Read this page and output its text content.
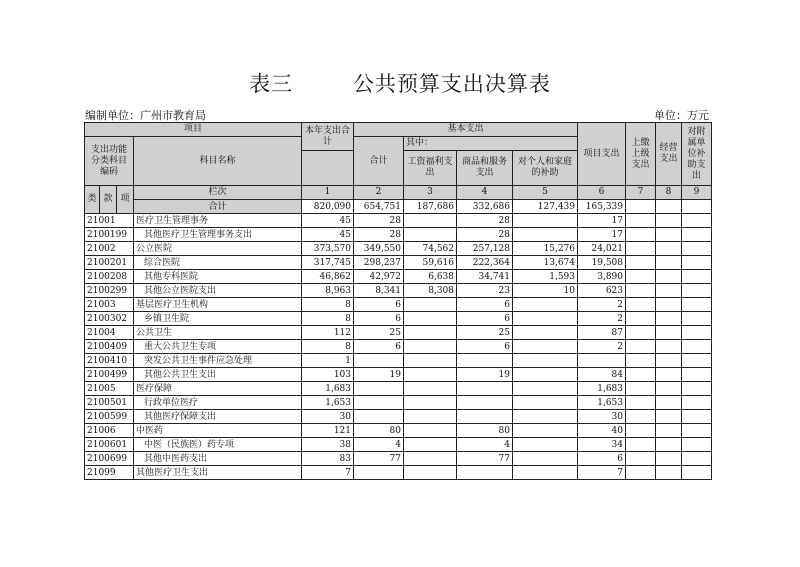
表三	公共预算支出决算表
编制单位：广州市教育局	单位：万元
项目				本年支出合计	基本支出				项目支出	上缴上级支出	经营支出	对附属单位补助支出
支出功能分类科目编码			科目名称		合计	其中：						
						工资福利支出	商品和服务支出	对个人和家庭的补助				
类	款	项	栏次	1	2	3	4	5	6	7	8	9
			合计	820,090	654,751	187,686	332,686	127,439	165,339			
21001			医疗卫生管理事务	45	28		28		17			
2100199			其他医疗卫生管理事务支出	45	28		28		17			
21002			公立医院	373,570	349,550	74,562	257,128	15,276	24,021			
2100201			综合医院	317,745	298,237	59,616	222,364	13,674	19,508			
2100208			其他专科医院	46,862	42,972	6,638	34,741	1,593	3,890			
2100299			其他公立医院支出	8,963	8,341	8,308	23	10	623			
21003			基层医疗卫生机构	8	6		6		2			
2100302			乡镇卫生院	8	6		6		2			
21004			公共卫生	112	25		25		87			
2100409			重大公共卫生专项	8	6		6		2			
2100410			突发公共卫生事件应急处理	1								
2100499			其他公共卫生支出	103	19		19		84			
21005			医疗保障	1,683					1,683			
2100501			行政单位医疗	1,653					1,653			
2100599			其他医疗保障支出	30					30			
21006			中医药	121	80		80		40			
2100601			中医（民族医）药专项	38	4		4		34			
2100699			其他中医药支出	83	77		77		6			
21099			其他医疗卫生支出	7					7			
